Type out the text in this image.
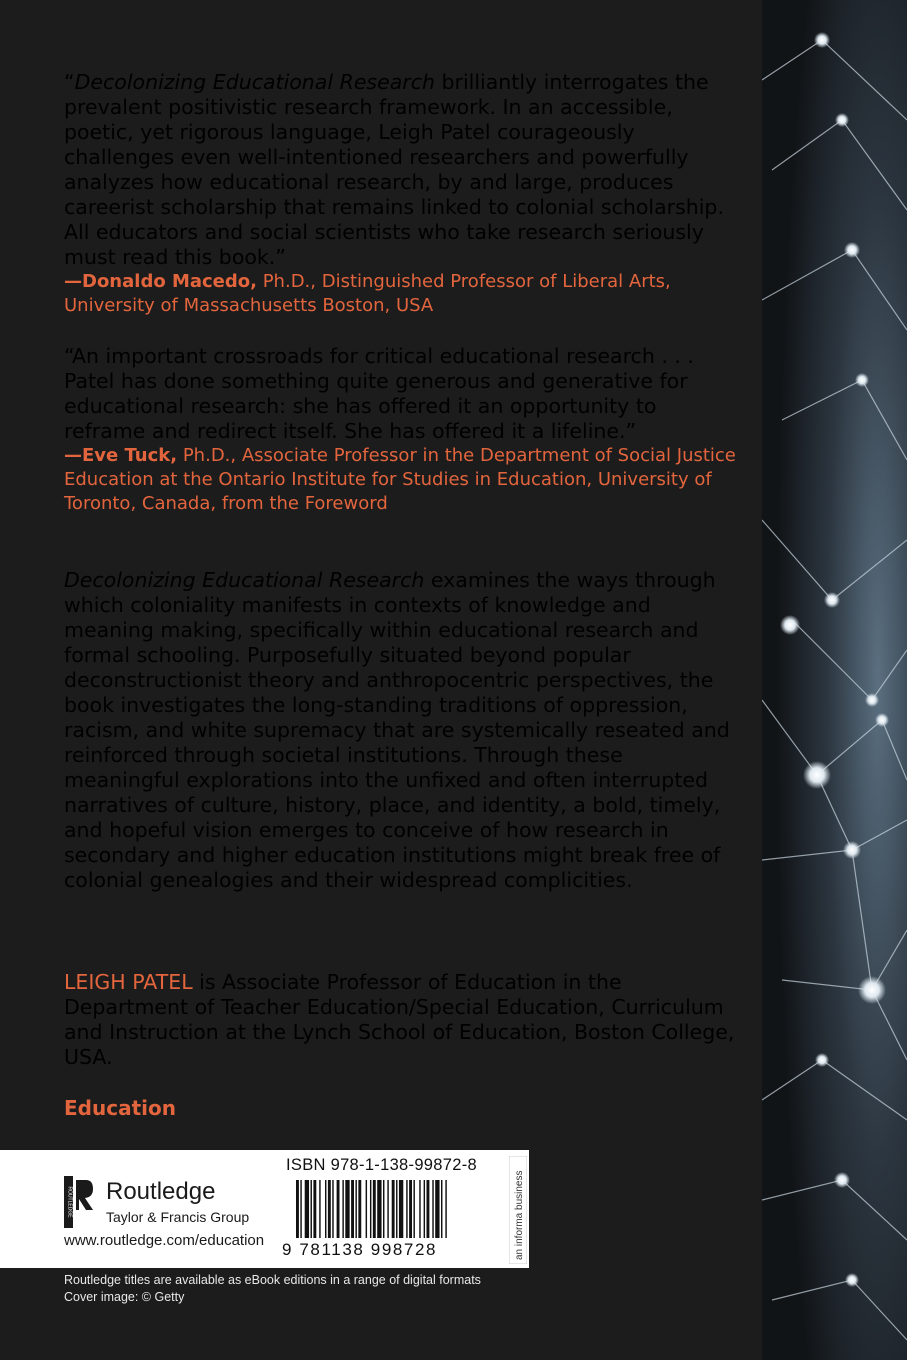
“Decolonizing Educational Research brilliantly interrogates the prevalent positivistic research framework. In an accessible, poetic, yet rigorous language, Leigh Patel courageously challenges even well-intentioned researchers and powerfully analyzes how educational research, by and large, produces careerist scholarship that remains linked to colonial scholarship. All educators and social scientists who take research seriously must read this book.”

—Donaldo Macedo, Ph.D., Distinguished Professor of Liberal Arts, University of Massachusetts Boston, USA

“An important crossroads for critical educational research . . . Patel has done something quite generous and generative for educational research: she has offered it an opportunity to reframe and redirect itself. She has offered it a lifeline.”

—Eve Tuck, Ph.D., Associate Professor in the Department of Social Justice Education at the Ontario Institute for Studies in Education, University of Toronto, Canada, from the Foreword

Decolonizing Educational Research examines the ways through which coloniality manifests in contexts of knowledge and meaning making, specifically within educational research and formal schooling. Purposefully situated beyond popular deconstructionist theory and anthropocentric perspectives, the book investigates the long-standing traditions of oppression, racism, and white supremacy that are systemically reseated and reinforced through societal institutions. Through these meaningful explorations into the unfixed and often interrupted narratives of culture, history, place, and identity, a bold, timely, and hopeful vision emerges to conceive of how research in secondary and higher education institutions might break free of colonial genealogies and their widespread complicities.

LEIGH PATEL is Associate Professor of Education in the Department of Teacher Education/Special Education, Curriculum and Instruction at the Lynch School of Education, Boston College, USA.

Education
ROUTLEDGE Routledge
Taylor & Francis Group
www.routledge.com/education
ISBN 978-1-138-99872-8
9 781138 998728	an informa business
Routledge titles are available as eBook editions in a range of digital formats
Cover image: © Getty
